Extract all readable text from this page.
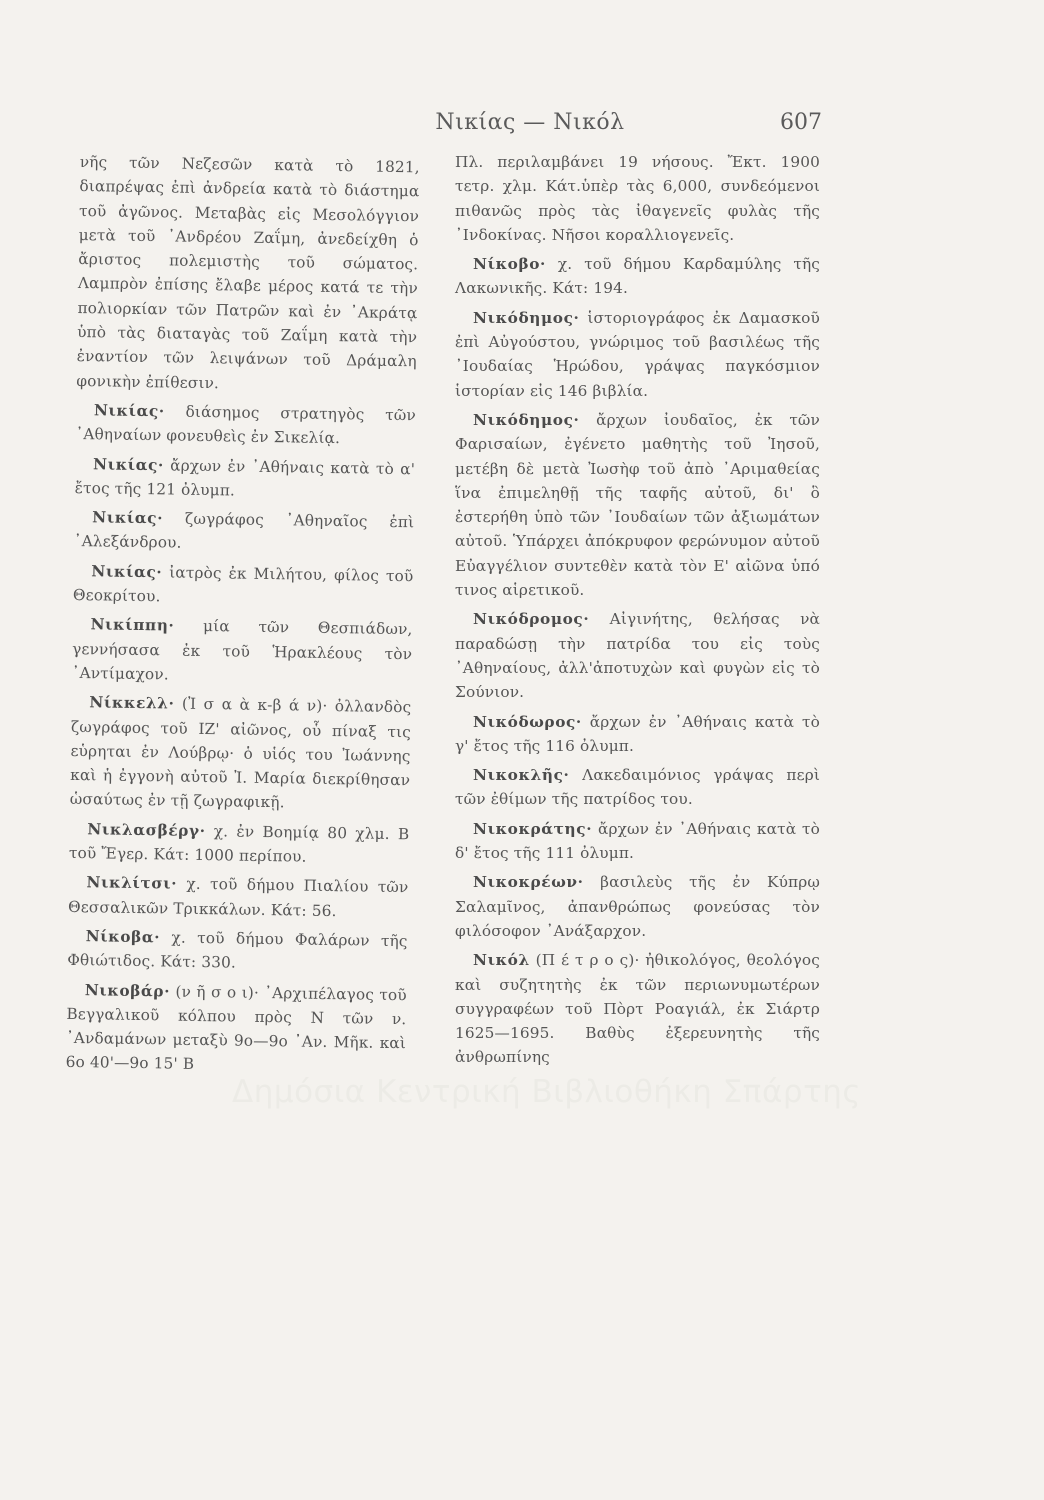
Νικίας — Νικόλ	607

νῆς τῶν Νεζεσῶν κατὰ τὸ 1821, διαπρέψας ἐπὶ ἀνδρεία κατὰ τὸ διάστημα τοῦ ἀγῶνος. Μεταβὰς εἰς Μεσολόγγιον μετὰ τοῦ ᾿Ανδρέου Ζαΐμη, ἀνεδείχθη ὁ ἄριστος πολεμιστὴς τοῦ σώματος. Λαμπρὸν ἐπίσης ἔλαβε μέρος κατά τε τὴν πολιορκίαν τῶν Πατρῶν καὶ ἐν ᾿Ακράτᾳ ὑπὸ τὰς διαταγὰς τοῦ Ζαΐμη κατὰ τὴν ἐναντίον τῶν λειψάνων τοῦ Δράμαλη φονικὴν ἐπίθεσιν.

Νικίας· διάσημος στρατηγὸς τῶν ᾿Αθηναίων φονευθεὶς ἐν Σικελίᾳ.

Νικίας· ἄρχων ἐν ᾿Αθήναις κατὰ τὸ α' ἔτος τῆς 121 ὀλυμπ.

Νικίας· ζωγράφος ᾿Αθηναῖος ἐπὶ ᾿Αλεξάνδρου.

Νικίας· ἰατρὸς ἐκ Μιλήτου, φίλος τοῦ Θεοκρίτου.

Νικίππη· μία τῶν Θεσπιάδων, γεννήσασα ἐκ τοῦ Ἡρακλέους τὸν ᾿Αντίμαχον.

Νίκκελλ· (Ἰ σ α ὰ κ-β ά ν)· ὀλλανδὸς ζωγράφος τοῦ ΙΖ' αἰῶνος, οὗ πίναξ τις εὑρηται ἐν Λούβρῳ· ὁ υἱός του Ἰωάννης καὶ ἡ ἐγγονὴ αὐτοῦ Ἰ. Μαρία διεκρίθησαν ὡσαύτως ἐν τῇ ζωγραφικῇ.

Νικλασβέργ· χ. ἐν Βοημίᾳ 80 χλμ. Β τοῦ Ἔγερ. Κάτ: 1000 περίπου.

Νικλίτσι· χ. τοῦ δήμου Πιαλίου τῶν Θεσσαλικῶν Τρικκάλων. Κάτ: 56.

Νίκοβα· χ. τοῦ δήμου Φαλάρων τῆς Φθιώτιδος. Κάτ: 330.

Νικοβάρ· (ν ῆ σ ο ι)· ᾿Αρχιπέλαγος τοῦ Βεγγαλικοῦ κόλπου πρὸς Ν τῶν ν. ᾿Ανδαμάνων μεταξὺ 9ο—9ο ᾿Αν. Μῆκ. καὶ 6ο 40'—9ο 15' Β

Πλ. περιλαμβάνει 19 νήσους. Ἔκτ. 1900 τετρ. χλμ. Κάτ.ὑπὲρ τὰς 6,000, συνδεόμενοι πιθανῶς πρὸς τὰς ἰθαγενεῖς φυλὰς τῆς ᾿Ινδοκίνας. Νῆσοι κοραλλιογενεῖς.

Νίκοβο· χ. τοῦ δήμου Καρδαμύλης τῆς Λακωνικῆς. Κάτ: 194.

Νικόδημος· ἱστοριογράφος ἐκ Δαμασκοῦ ἐπὶ Αὐγούστου, γνώριμος τοῦ βασιλέως τῆς ᾿Ιουδαίας Ἡρώδου, γράψας παγκόσμιον ἱστορίαν εἰς 146 βιβλία.

Νικόδημος· ἄρχων ἰουδαῖος, ἐκ τῶν Φαρισαίων, ἐγένετο μαθητὴς τοῦ Ἰησοῦ, μετέβη δὲ μετὰ Ἰωσὴφ τοῦ ἀπὸ ᾿Αριμαθείας ἵνα ἐπιμεληθῇ τῆς ταφῆς αὐτοῦ, δι' ὃ ἐστερήθη ὑπὸ τῶν ᾿Ιουδαίων τῶν ἀξιωμάτων αὐτοῦ. Ὑπάρχει ἀπόκρυφον φερώνυμον αὐτοῦ Εὐαγγέλιον συντεθὲν κατὰ τὸν Ε' αἰῶνα ὑπό τινος αἱρετικοῦ.

Νικόδρομος· Αἰγινήτης, θελήσας νὰ παραδώσῃ τὴν πατρίδα του εἰς τοὺς ᾿Αθηναίους, ἀλλ'ἀποτυχὼν καὶ φυγὼν εἰς τὸ Σούνιον.

Νικόδωρος· ἄρχων ἐν ᾿Αθήναις κατὰ τὸ γ' ἔτος τῆς 116 ὀλυμπ.

Νικοκλῆς· Λακεδαιμόνιος γράψας περὶ τῶν ἐθίμων τῆς πατρίδος του.

Νικοκράτης· ἄρχων ἐν ᾿Αθήναις κατὰ τὸ δ' ἔτος τῆς 111 ὀλυμπ.

Νικοκρέων· βασιλεὺς τῆς ἐν Κύπρῳ Σαλαμῖνος, ἀπανθρώπως φονεύσας τὸν φιλόσοφον ᾿Ανάξαρχον.

Νικόλ (Π έ τ ρ ο ς)· ἠθικολόγος, θεολόγος καὶ συζητητὴς ἐκ τῶν περιωνυμωτέρων συγγραφέων τοῦ Πὸρτ Ροαγιάλ, ἐκ Σιάρτρ 1625—1695. Βαθὺς ἐξερευνητὴς τῆς ἀνθρωπίνης

Δημόσια Κεντρική Βιβλιοθήκη Σπάρτης
